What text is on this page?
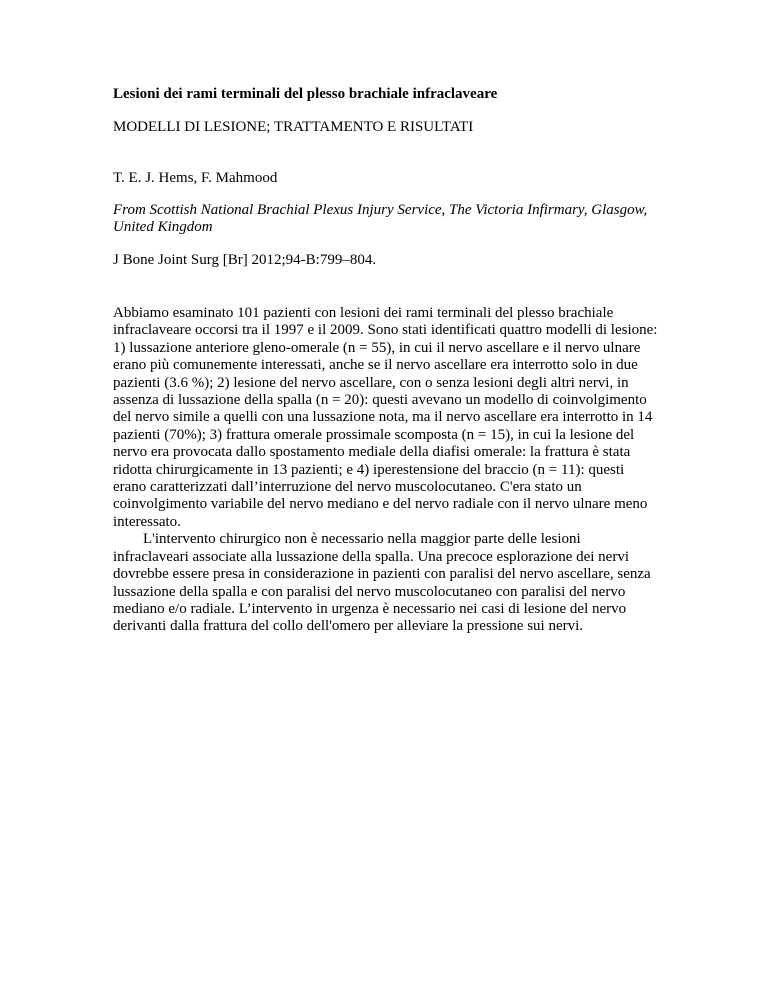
Lesioni dei rami terminali del plesso brachiale infraclaveare

MODELLI DI LESIONE; TRATTAMENTO E RISULTATI

T. E. J. Hems, F. Mahmood

From Scottish National Brachial Plexus Injury Service, The Victoria Infirmary, Glasgow, United Kingdom

J Bone Joint Surg [Br] 2012;94-B:799–804.

Abbiamo esaminato 101 pazienti con lesioni dei rami terminali del plesso brachiale infraclaveare occorsi tra il 1997 e il 2009. Sono stati identificati quattro modelli di lesione: 1) lussazione anteriore gleno-omerale (n = 55), in cui il nervo ascellare e il nervo ulnare erano più comunemente interessati, anche se il nervo ascellare era interrotto solo in due pazienti (3.6 %); 2) lesione del nervo ascellare, con o senza lesioni degli altri nervi, in assenza di lussazione della spalla (n = 20): questi avevano un modello di coinvolgimento del nervo simile a quelli con una lussazione nota, ma il nervo ascellare era interrotto in 14 pazienti (70%); 3) frattura omerale prossimale scomposta (n = 15), in cui la lesione del nervo era provocata dallo spostamento mediale della diafisi omerale: la frattura è stata ridotta chirurgicamente in 13 pazienti; e 4) iperestensione del braccio (n = 11): questi erano caratterizzati dall’interruzione del nervo muscolocutaneo. C'era stato un coinvolgimento variabile del nervo mediano e del nervo radiale con il nervo ulnare meno interessato.

L'intervento chirurgico non è necessario nella maggior parte delle lesioni infraclaveari associate alla lussazione della spalla. Una precoce esplorazione dei nervi dovrebbe essere presa in considerazione in pazienti con paralisi del nervo ascellare, senza lussazione della spalla e con paralisi del nervo muscolocutaneo con paralisi del nervo mediano e/o radiale. L’intervento in urgenza è necessario nei casi di lesione del nervo derivanti dalla frattura del collo dell'omero per alleviare la pressione sui nervi.
